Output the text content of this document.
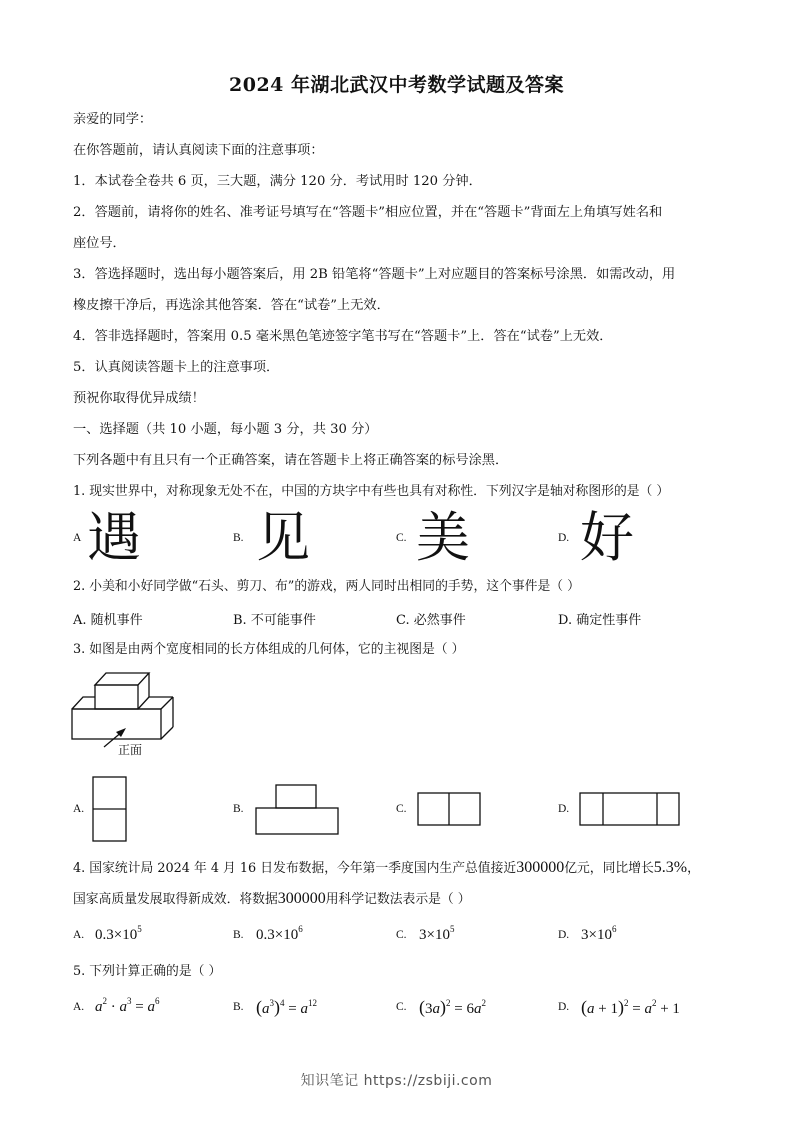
2024 年湖北武汉中考数学试题及答案
亲爱的同学：
在你答题前，请认真阅读下面的注意事项：
1．本试卷全卷共 6 页，三大题，满分 120 分．考试用时 120 分钟．
2．答题前，请将你的姓名、准考证号填写在“答题卡”相应位置，并在“答题卡”背面左上角填写姓名和
座位号．
3．答选择题时，选出每小题答案后，用 2B 铅笔将“答题卡”上对应题目的答案标号涂黑．如需改动，用
橡皮擦干净后，再选涂其他答案．答在“试卷”上无效．
4．答非选择题时，答案用 0.5 毫米黑色笔迹签字笔书写在“答题卡”上．答在“试卷”上无效．
5．认真阅读答题卡上的注意事项．
预祝你取得优异成绩！
一、选择题（共 10 小题，每小题 3 分，共 30 分）
下列各题中有且只有一个正确答案，请在答题卡上将正确答案的标号涂黑．
1. 现实世界中，对称现象无处不在，中国的方块字中有些也具有对称性．下列汉字是轴对称图形的是（ ）
A 遇	B. 见	C. 美	D. 好
2. 小美和小好同学做“石头、剪刀、布”的游戏，两人同时出相同的手势，这个事件是（ ）
A. 随机事件	B. 不可能事件	C. 必然事件	D. 确定性事件
3. 如图是由两个宽度相同的长方体组成的几何体，它的主视图是（ ）
正面
A.	B.	C.	D.
4. 国家统计局 2024 年 4 月 16 日发布数据，今年第一季度国内生产总值接近300000亿元，同比增长5.3%，
国家高质量发展取得新成效．将数据300000用科学记数法表示是（ ）
A. $0.3\times 10^5$	B. $0.3\times 10^6$	C. $3\times 10^5$	D. $3\times 10^6$
5. 下列计算正确的是（ ）
A. $a^2 \cdot a^3 = a^6$	B. $(a^3)^4 = a^{12}$	C. $(3a)^2 = 6a^2$	D. $(a + 1)^2 = a^2 + 1$
知识笔记 https://zsbiji.com
